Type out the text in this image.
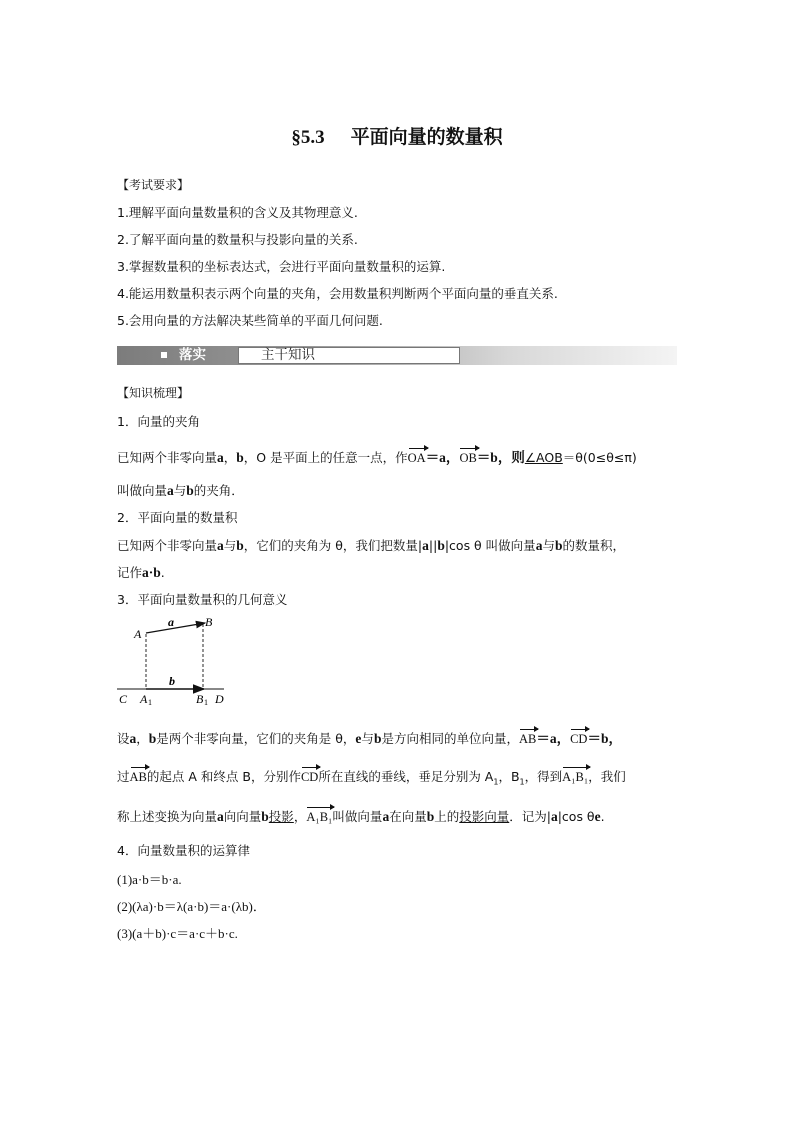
§5.3 平面向量的数量积
【考试要求】
1.理解平面向量数量积的含义及其物理意义.
2.了解平面向量的数量积与投影向量的关系.
3.掌握数量积的坐标表达式，会进行平面向量数量积的运算.
4.能运用数量积表示两个向量的夹角，会用数量积判断两个平面向量的垂直关系.
5.会用向量的方法解决某些简单的平面几何问题.
落实	主干知识
【知识梳理】
1．向量的夹角
已知两个非零向量a，b，O 是平面上的任意一点，作OA＝a，OB＝b，则∠AOB＝θ(0≤θ≤π)
叫做向量a与b的夹角．
2．平面向量的数量积
已知两个非零向量a与b，它们的夹角为 θ，我们把数量|a||b|cos θ 叫做向量a与b的数量积，
记作a·b.
3．平面向量数量积的几何意义
A
B
a
b
C A 1	B 1 D
设a，b是两个非零向量，它们的夹角是 θ，e与b是方向相同的单位向量，AB＝a，CD＝b，
过AB的起点 A 和终点 B，分别作CD所在直线的垂线，垂足分别为 $A_1$，$B_1$，得到A₁B₁，我们
称上述变换为向量a向向量b投影，A₁B₁叫做向量a在向量b上的投影向量．记为|a|cos θe.
4．向量数量积的运算律
(1)a·b＝b·a.
(2)(λa)·b＝λ(a·b)＝a·(λb)．
(3)(a＋b)·c＝a·c＋b·c.
